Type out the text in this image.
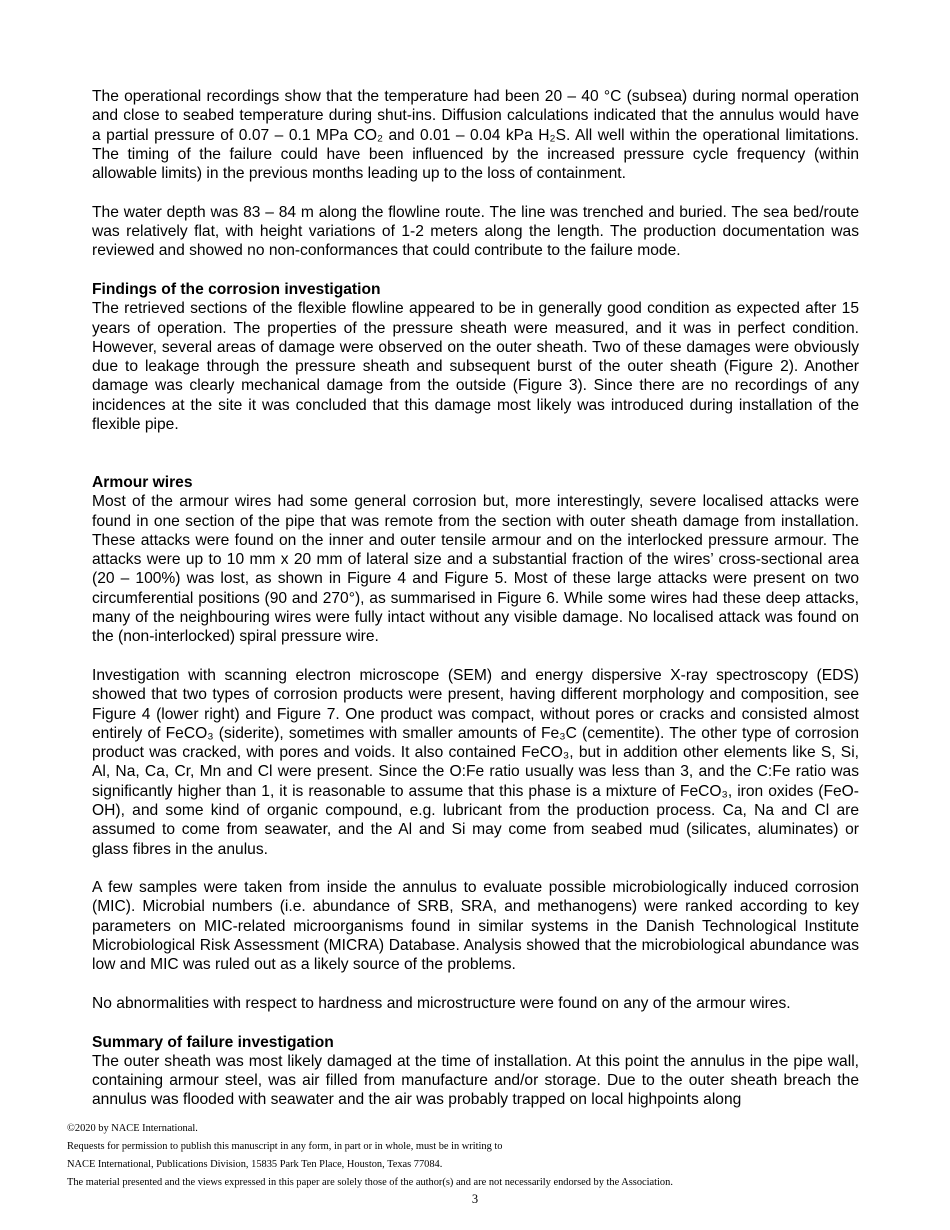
The operational recordings show that the temperature had been 20 – 40 °C (subsea) during normal operation and close to seabed temperature during shut-ins. Diffusion calculations indicated that the annulus would have a partial pressure of 0.07 – 0.1 MPa CO₂ and 0.01 – 0.04 kPa H₂S. All well within the operational limitations. The timing of the failure could have been influenced by the increased pressure cycle frequency (within allowable limits) in the previous months leading up to the loss of containment.

The water depth was 83 – 84 m along the flowline route. The line was trenched and buried. The sea bed/route was relatively flat, with height variations of 1-2 meters along the length. The production documentation was reviewed and showed no non-conformances that could contribute to the failure mode.

Findings of the corrosion investigation

The retrieved sections of the flexible flowline appeared to be in generally good condition as expected after 15 years of operation. The properties of the pressure sheath were measured, and it was in perfect condition. However, several areas of damage were observed on the outer sheath. Two of these damages were obviously due to leakage through the pressure sheath and subsequent burst of the outer sheath (Figure 2). Another damage was clearly mechanical damage from the outside (Figure 3). Since there are no recordings of any incidences at the site it was concluded that this damage most likely was introduced during installation of the flexible pipe.

Armour wires

Most of the armour wires had some general corrosion but, more interestingly, severe localised attacks were found in one section of the pipe that was remote from the section with outer sheath damage from installation. These attacks were found on the inner and outer tensile armour and on the interlocked pressure armour. The attacks were up to 10 mm x 20 mm of lateral size and a substantial fraction of the wires’ cross-sectional area (20 – 100%) was lost, as shown in Figure 4 and Figure 5. Most of these large attacks were present on two circumferential positions (90 and 270°), as summarised in Figure 6. While some wires had these deep attacks, many of the neighbouring wires were fully intact without any visible damage. No localised attack was found on the (non-interlocked) spiral pressure wire.

Investigation with scanning electron microscope (SEM) and energy dispersive X-ray spectroscopy (EDS) showed that two types of corrosion products were present, having different morphology and composition, see Figure 4 (lower right) and Figure 7. One product was compact, without pores or cracks and consisted almost entirely of FeCO₃ (siderite), sometimes with smaller amounts of Fe₃C (cementite). The other type of corrosion product was cracked, with pores and voids. It also contained FeCO₃, but in addition other elements like S, Si, Al, Na, Ca, Cr, Mn and Cl were present. Since the O:Fe ratio usually was less than 3, and the C:Fe ratio was significantly higher than 1, it is reasonable to assume that this phase is a mixture of FeCO₃, iron oxides (FeO-OH), and some kind of organic compound, e.g. lubricant from the production process. Ca, Na and Cl are assumed to come from seawater, and the Al and Si may come from seabed mud (silicates, aluminates) or glass fibres in the anulus.

A few samples were taken from inside the annulus to evaluate possible microbiologically induced corrosion (MIC). Microbial numbers (i.e. abundance of SRB, SRA, and methanogens) were ranked according to key parameters on MIC-related microorganisms found in similar systems in the Danish Technological Institute Microbiological Risk Assessment (MICRA) Database. Analysis showed that the microbiological abundance was low and MIC was ruled out as a likely source of the problems.

No abnormalities with respect to hardness and microstructure were found on any of the armour wires.

Summary of failure investigation

The outer sheath was most likely damaged at the time of installation. At this point the annulus in the pipe wall, containing armour steel, was air filled from manufacture and/or storage. Due to the outer sheath breach the annulus was flooded with seawater and the air was probably trapped on local highpoints along

©2020 by NACE International.
Requests for permission to publish this manuscript in any form, in part or in whole, must be in writing to
NACE International, Publications Division, 15835 Park Ten Place, Houston, Texas 77084.
The material presented and the views expressed in this paper are solely those of the author(s) and are not necessarily endorsed by the Association.
3
